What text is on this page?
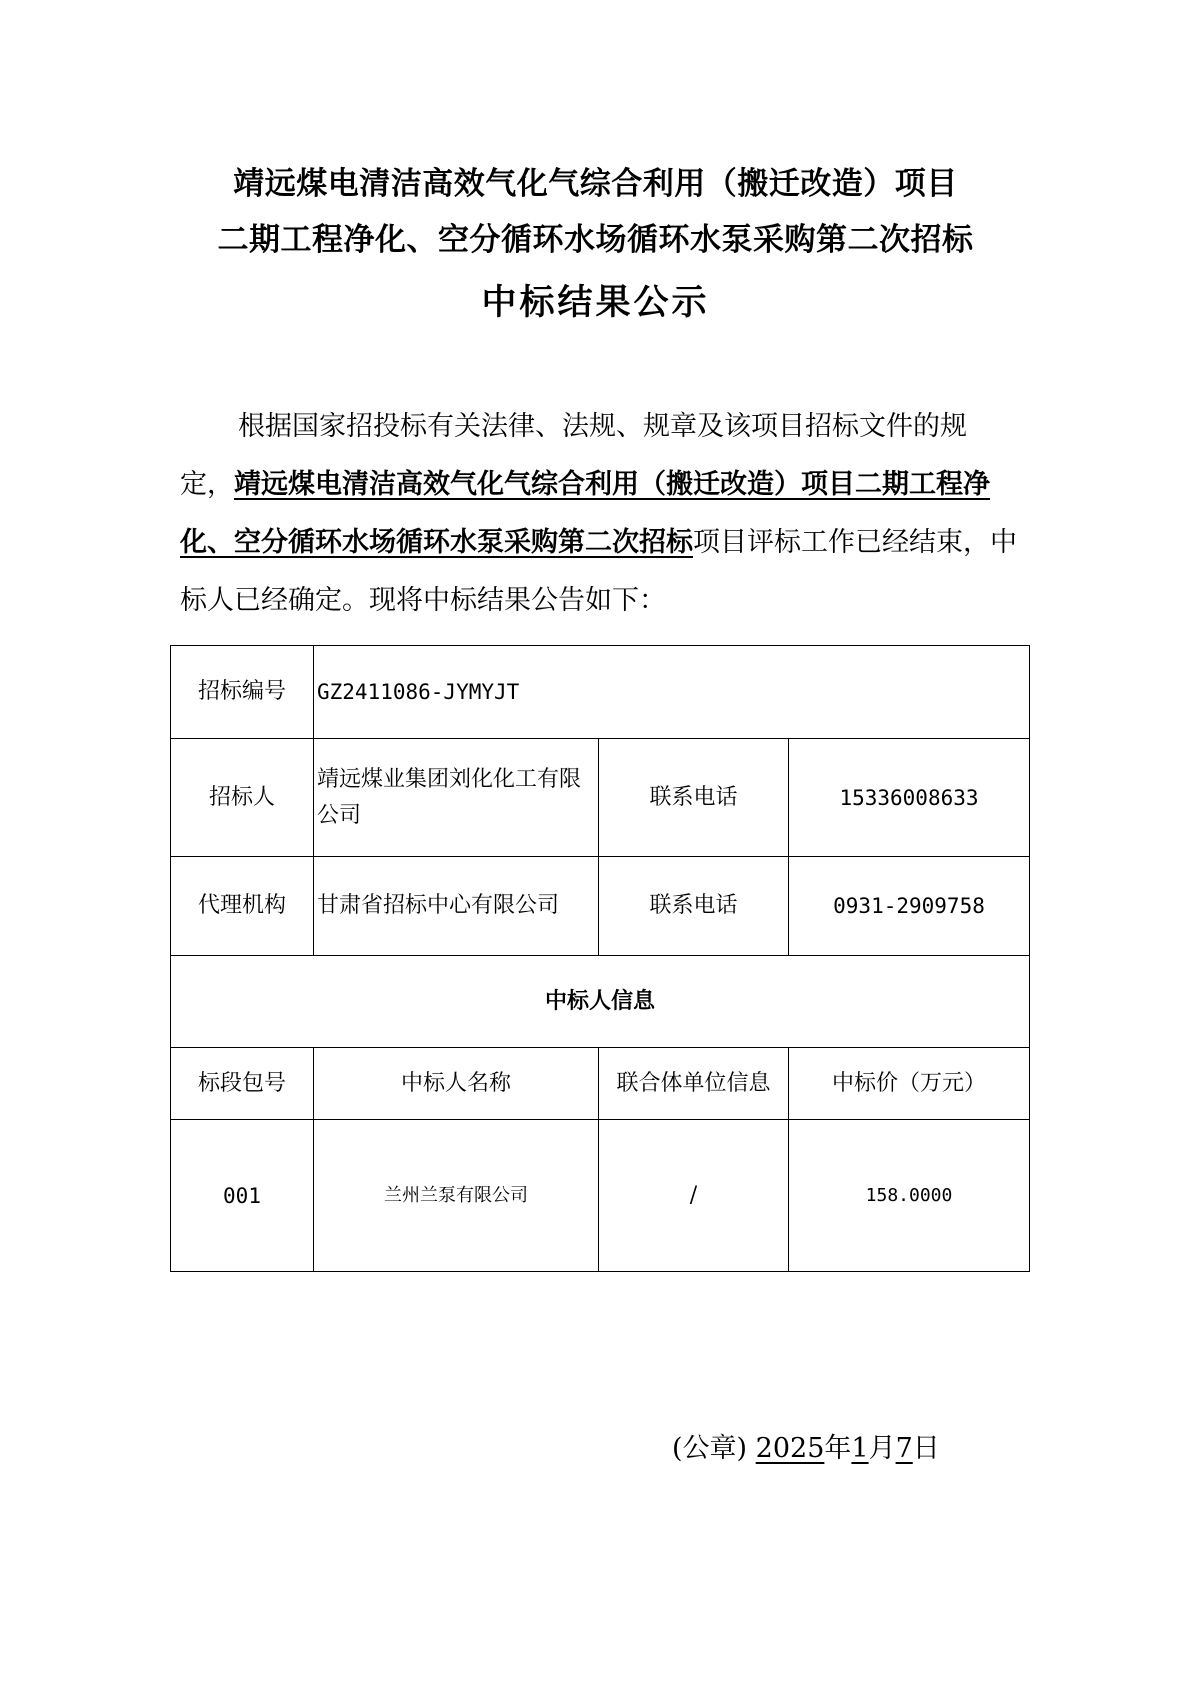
靖远煤电清洁高效气化气综合利用（搬迁改造）项目
二期工程净化、空分循环水场循环水泵采购第二次招标
中标结果公示
根据国家招投标有关法律、法规、规章及该项目招标文件的规定，靖远煤电清洁高效气化气综合利用（搬迁改造）项目二期工程净化、空分循环水场循环水泵采购第二次招标项目评标工作已经结束，中标人已经确定。现将中标结果公告如下：
招标编号	GZ2411086-JYMYJT		
招标人	靖远煤业集团刘化化工有限公司	联系电话	15336008633
代理机构	甘肃省招标中心有限公司	联系电话	0931-2909758
中标人信息			
标段包号	中标人名称	联合体单位信息	中标价（万元）
001	兰州兰泵有限公司	/	158.0000
(公章) 2025年1月7日
